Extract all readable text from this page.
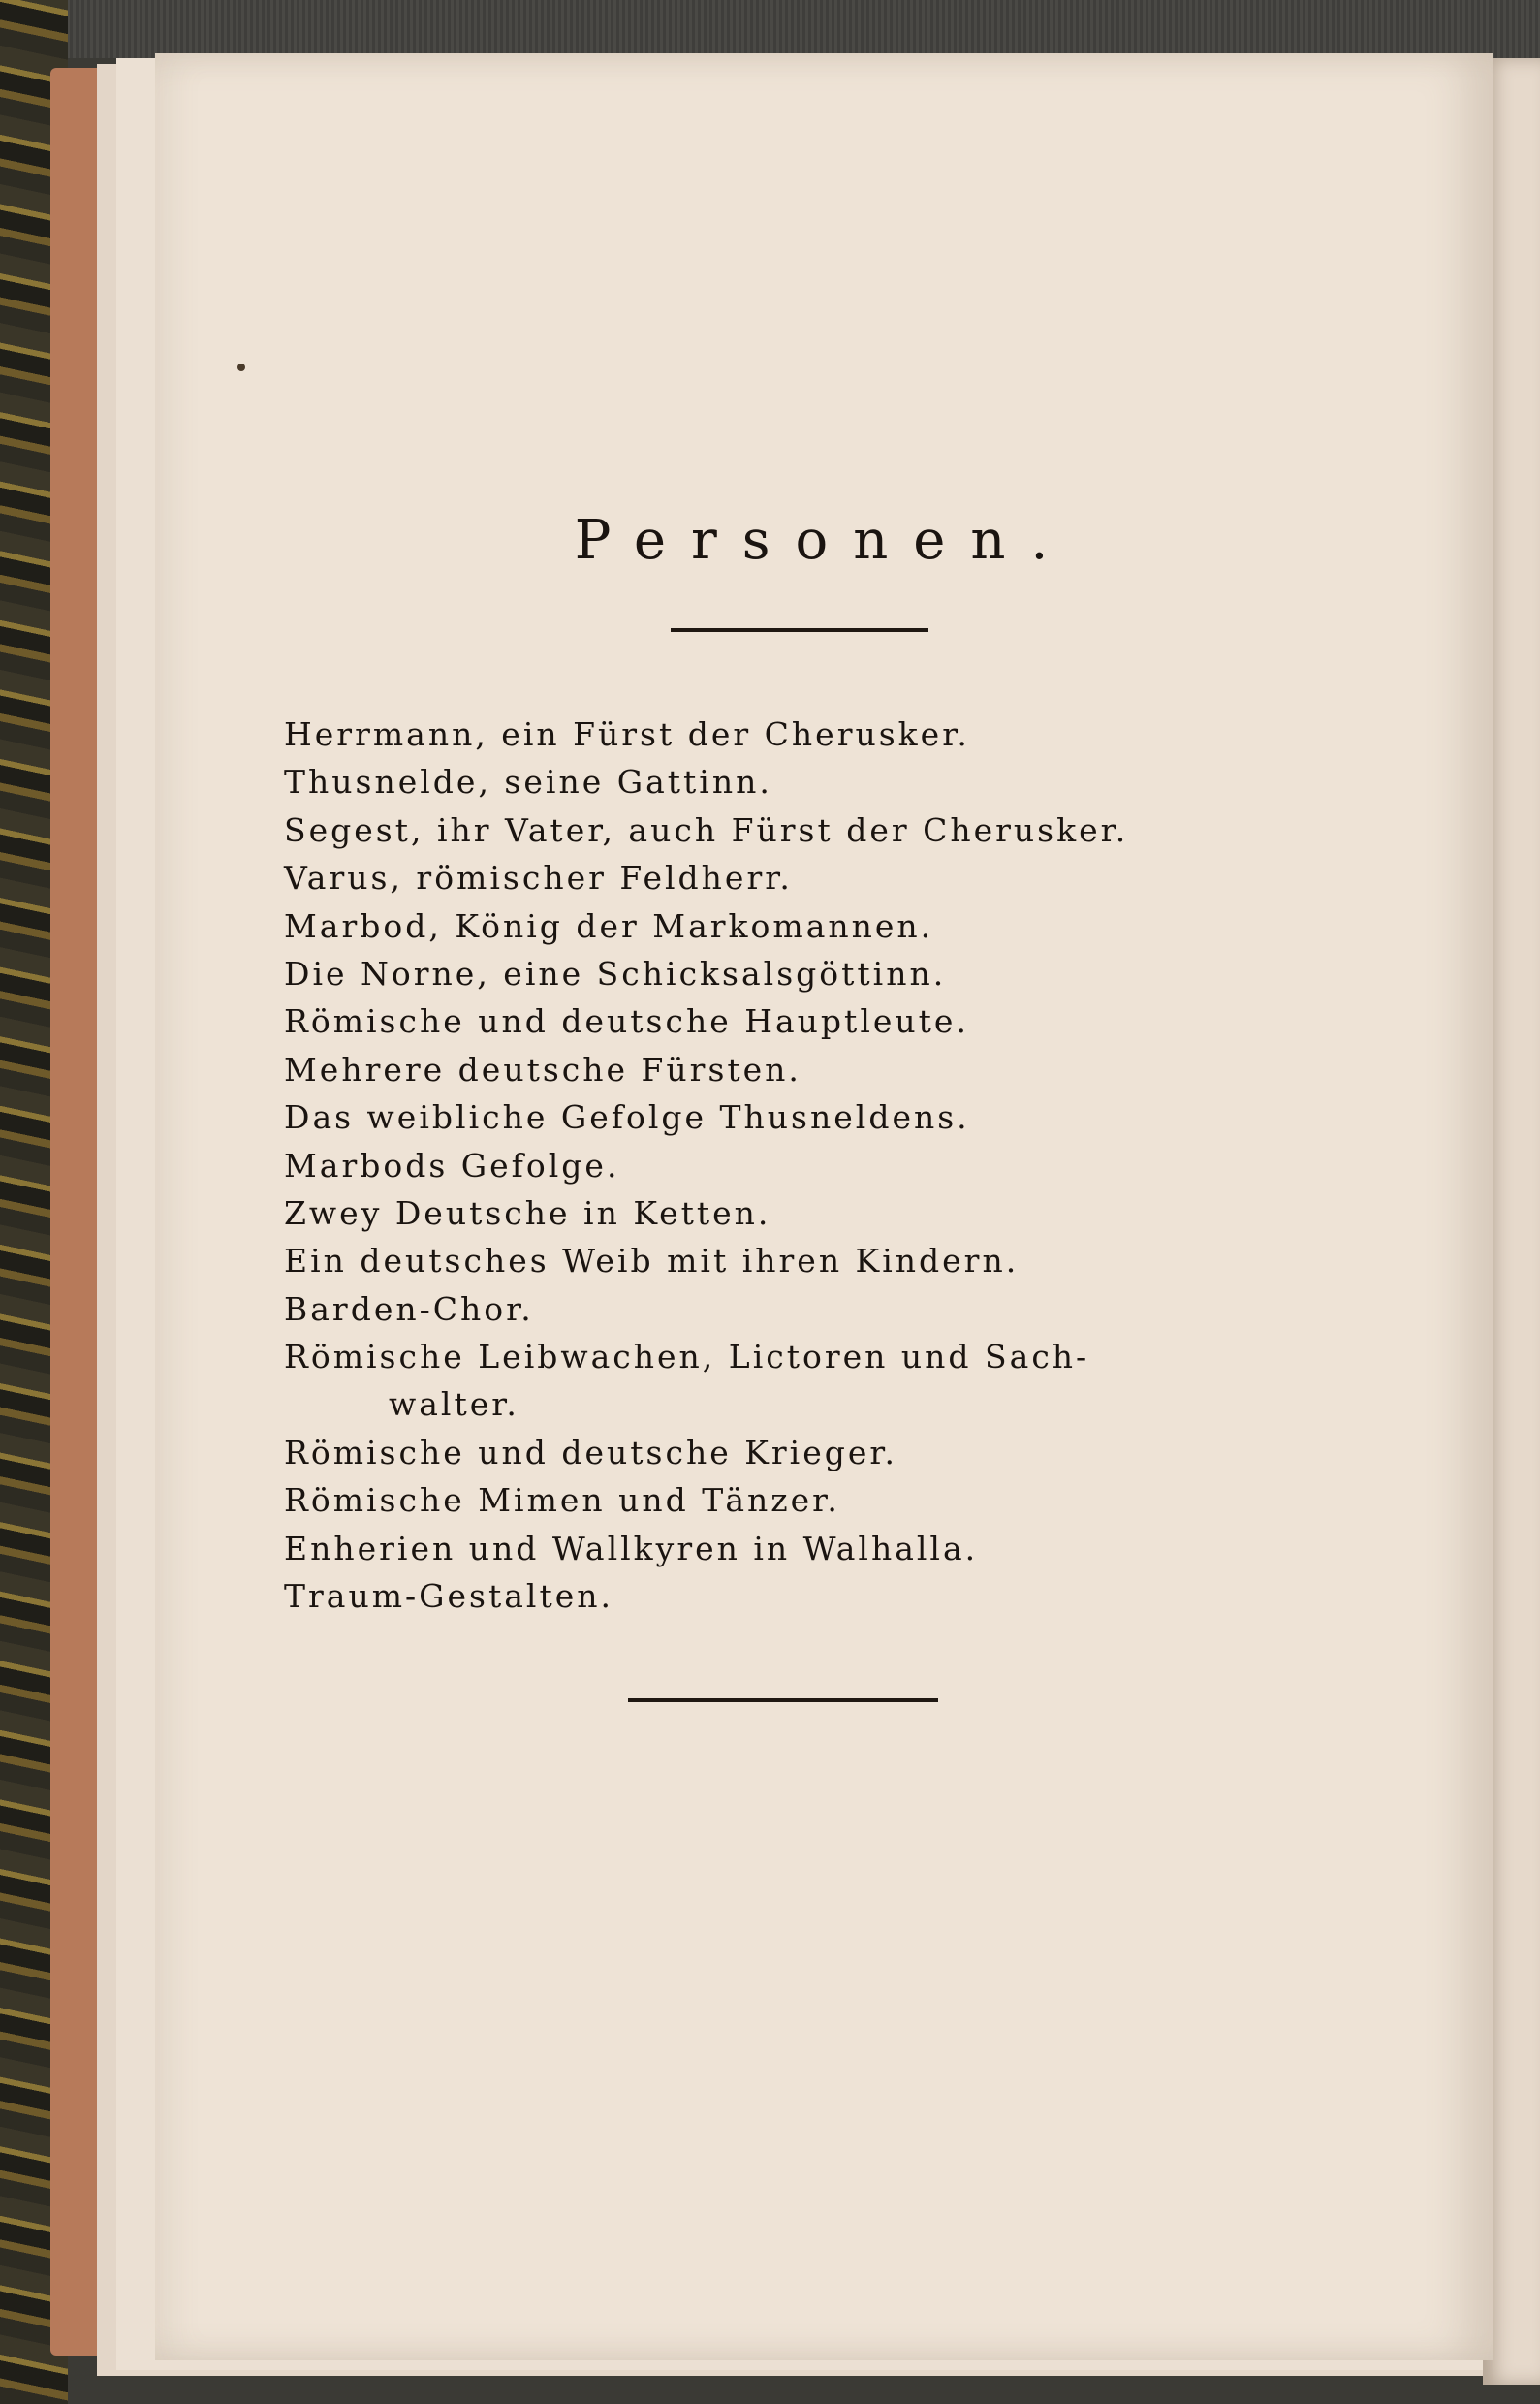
Personen.
Herrmann, ein Fürst der Cherusker.
Thusnelde, seine Gattinn.
Segest, ihr Vater, auch Fürst der Cherusker.
Varus, römischer Feldherr.
Marbod, König der Markomannen.
Die Norne, eine Schicksalsgöttinn.
Römische und deutsche Hauptleute.
Mehrere deutsche Fürsten.
Das weibliche Gefolge Thusneldens.
Marbods Gefolge.
Zwey Deutsche in Ketten.
Ein deutsches Weib mit ihren Kindern.
Barden-Chor.
Römische Leibwachen, Lictoren und Sach-
walter.
Römische und deutsche Krieger.
Römische Mimen und Tänzer.
Enherien und Wallkyren in Walhalla.
Traum-Gestalten.
